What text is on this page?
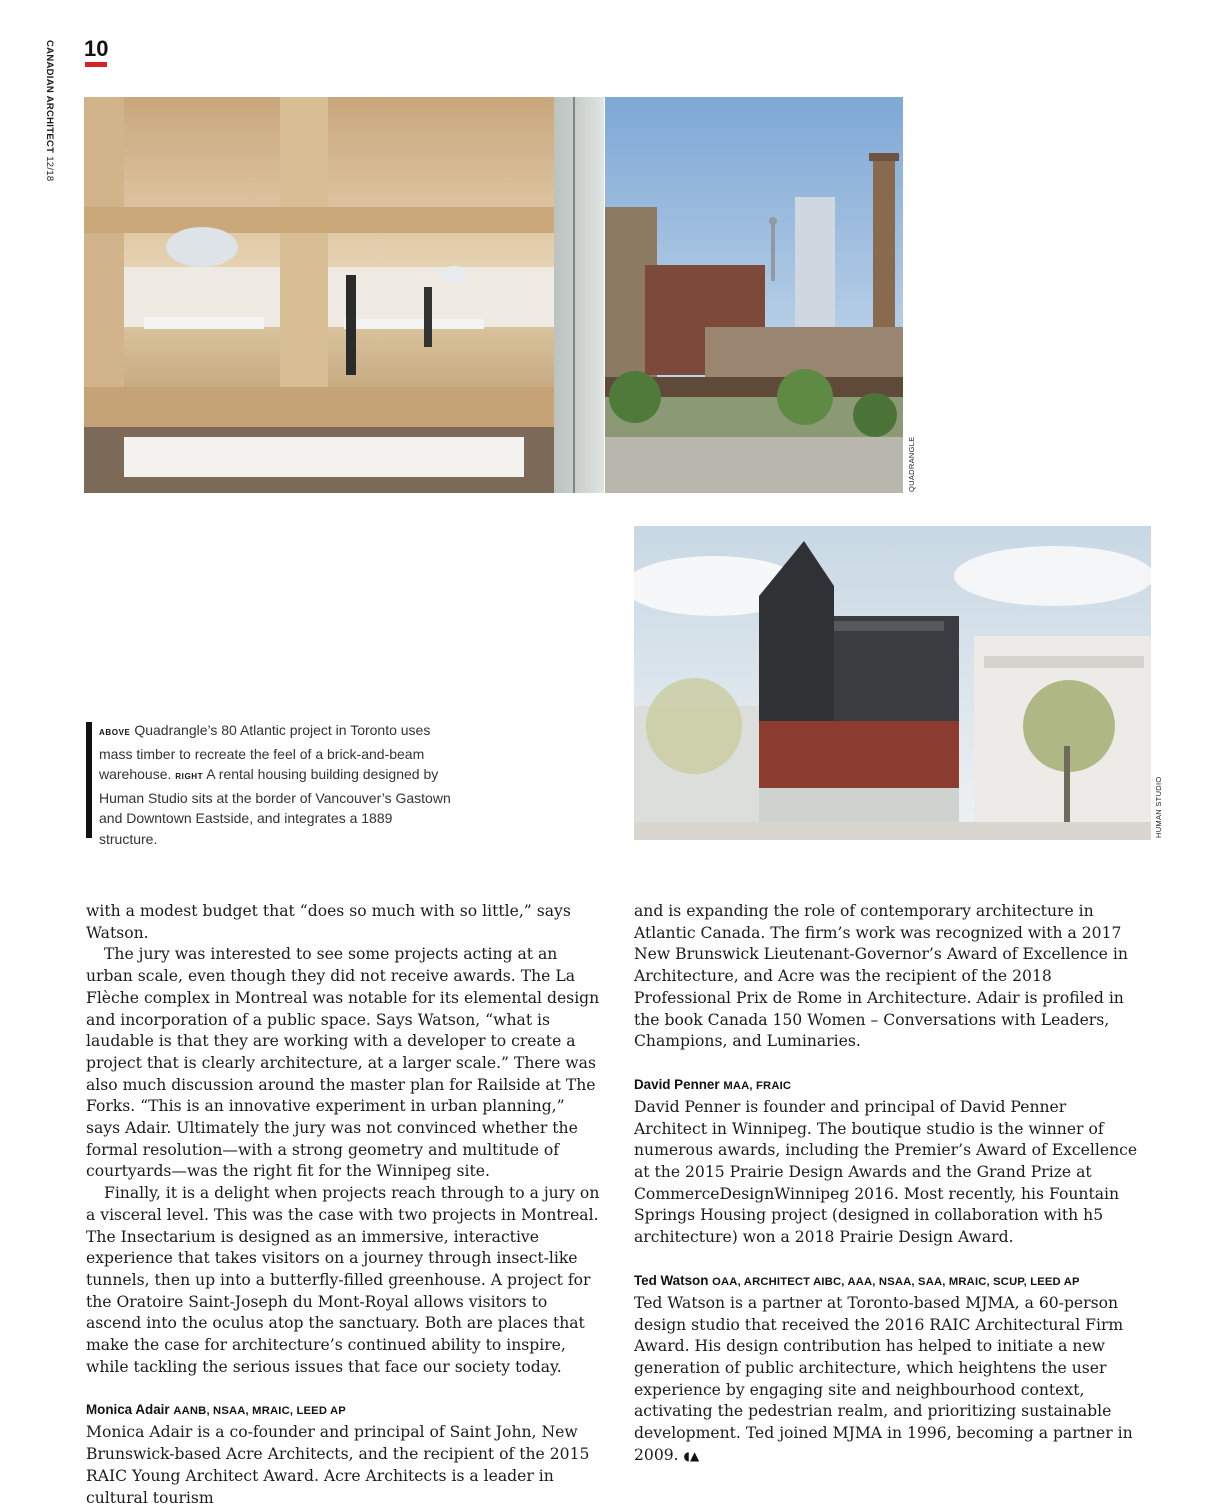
CANADIAN ARCHITECT 12/18
10
QUADRANGLE
HUMAN STUDIO
ABOVE Quadrangle’s 80 Atlantic project in Toronto uses mass timber to recreate the feel of a brick-and-beam warehouse. RIGHT A rental housing building designed by Human Studio sits at the border of Vancouver’s Gastown and Downtown Eastside, and integrates a 1889 structure.

with a modest budget that “does so much with so little,” says Watson.

The jury was interested to see some projects acting at an urban scale, even though they did not receive awards. The La Flèche complex in Montreal was notable for its elemental design and incorporation of a public space. Says Watson, “what is laudable is that they are working with a developer to create a project that is clearly architecture, at a larger scale.” There was also much discussion around the master plan for Railside at The Forks. “This is an innovative experiment in urban planning,” says Adair. Ultimately the jury was not convinced whether the formal resolution—with a strong geometry and multitude of courtyards—was the right fit for the Winnipeg site.

Finally, it is a delight when projects reach through to a jury on a visceral level. This was the case with two projects in Montreal. The Insectarium is designed as an immersive, interactive experience that takes visitors on a journey through insect-like tunnels, then up into a butterfly-filled greenhouse. A project for the Oratoire Saint-Joseph du Mont-Royal allows visitors to ascend into the oculus atop the sanctuary. Both are places that make the case for architecture’s continued ability to inspire, while tackling the serious issues that face our society today.

Monica Adair AANB, NSAA, MRAIC, LEED AP

Monica Adair is a co-founder and principal of Saint John, New Brunswick-based Acre Architects, and the recipient of the 2015 RAIC Young Architect Award. Acre Architects is a leader in cultural tourism

and is expanding the role of contemporary architecture in Atlantic Canada. The firm’s work was recognized with a 2017 New Brunswick Lieutenant-Governor’s Award of Excellence in Architecture, and Acre was the recipient of the 2018 Professional Prix de Rome in Architecture. Adair is profiled in the book Canada 150 Women – Conversations with Leaders, Champions, and Luminaries.

David Penner MAA, FRAIC

David Penner is founder and principal of David Penner Architect in Winnipeg. The boutique studio is the winner of numerous awards, including the Premier’s Award of Excellence at the 2015 Prairie Design Awards and the Grand Prize at CommerceDesignWinnipeg 2016. Most recently, his Fountain Springs Housing project (designed in collaboration with h5 architecture) won a 2018 Prairie Design Award.

Ted Watson OAA, ARCHITECT AIBC, AAA, NSAA, SAA, MRAIC, SCUP, LEED AP

Ted Watson is a partner at Toronto-based MJMA, a 60-person design studio that received the 2016 RAIC Architectural Firm Award. His design contribution has helped to initiate a new generation of public architecture, which heightens the user experience by engaging site and neighbourhood context, activating the pedestrian realm, and prioritizing sustainable development. Ted joined MJMA in 1996, becoming a partner in 2009. ◖▲
